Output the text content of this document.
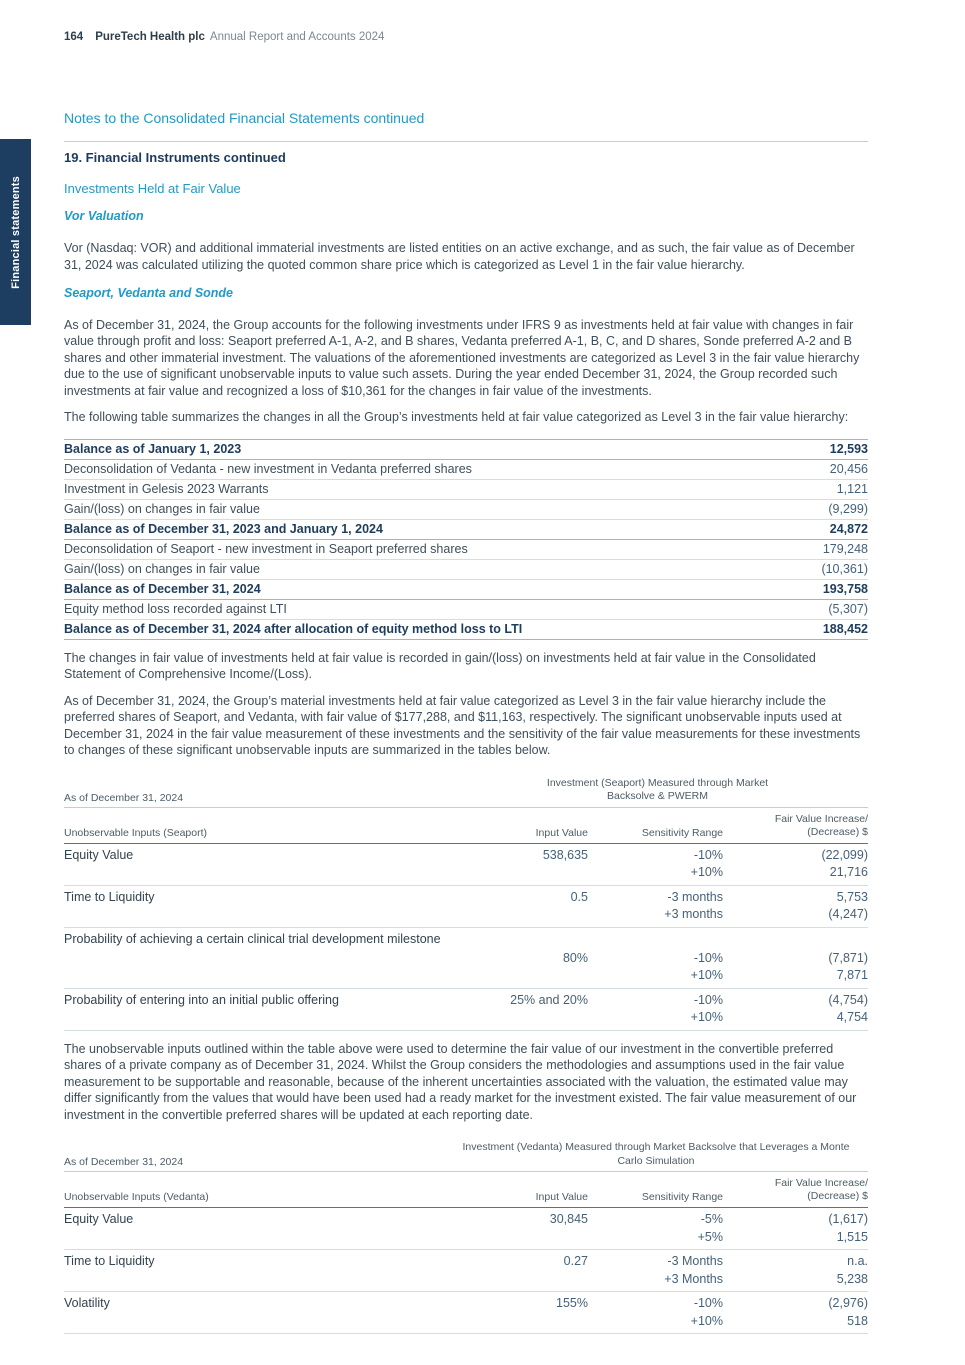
Financial statements
164 PureTech Health plc Annual Report and Accounts 2024
Notes to the Consolidated Financial Statements continued
19. Financial Instruments continued
Investments Held at Fair Value
Vor Valuation

Vor (Nasdaq: VOR) and additional immaterial investments are listed entities on an active exchange, and as such, the fair value as of December 31, 2024 was calculated utilizing the quoted common share price which is categorized as Level 1 in the fair value hierarchy.

Seaport, Vedanta and Sonde

As of December 31, 2024, the Group accounts for the following investments under IFRS 9 as investments held at fair value with changes in fair value through profit and loss: Seaport preferred A-1, A-2, and B shares, Vedanta preferred A-1, B, C, and D shares, Sonde preferred A-2 and B shares and other immaterial investment. The valuations of the aforementioned investments are categorized as Level 3 in the fair value hierarchy due to the use of significant unobservable inputs to value such assets. During the year ended December 31, 2024, the Group recorded such investments at fair value and recognized a loss of $10,361 for the changes in fair value of the investments.

The following table summarizes the changes in all the Group’s investments held at fair value categorized as Level 3 in the fair value hierarchy:

Balance as of January 1, 2023	12,593
Deconsolidation of Vedanta - new investment in Vedanta preferred shares	20,456
Investment in Gelesis 2023 Warrants	1,121
Gain/(loss) on changes in fair value	(9,299)
Balance as of December 31, 2023 and January 1, 2024	24,872
Deconsolidation of Seaport - new investment in Seaport preferred shares	179,248
Gain/(loss) on changes in fair value	(10,361)
Balance as of December 31, 2024	193,758
Equity method loss recorded against LTI	(5,307)
Balance as of December 31, 2024 after allocation of equity method loss to LTI	188,452

The changes in fair value of investments held at fair value is recorded in gain/(loss) on investments held at fair value in the Consolidated Statement of Comprehensive Income/(Loss).

As of December 31, 2024, the Group’s material investments held at fair value categorized as Level 3 in the fair value hierarchy include the preferred shares of Seaport, and Vedanta, with fair value of $177,288, and $11,163, respectively. The significant unobservable inputs used at December 31, 2024 in the fair value measurement of these investments and the sensitivity of the fair value measurements for these investments to changes of these significant unobservable inputs are summarized in the tables below.

As of December 31, 2024
Investment (Seaport) Measured through Market Backsolve & PWERM
Unobservable Inputs (Seaport)	Input Value	Sensitivity Range
Fair Value Increase/ (Decrease) $
Equity Value	538,635	-10%	(22,099)
+10%	21,716
Time to Liquidity	0.5	-3 months	5,753
+3 months	(4,247)
Probability of achieving a certain clinical trial development milestone
80%	-10%	(7,871)
+10%	7,871
Probability of entering into an initial public offering	25% and 20%	-10%	(4,754)
+10%	4,754

The unobservable inputs outlined within the table above were used to determine the fair value of our investment in the convertible preferred shares of a private company as of December 31, 2024. Whilst the Group considers the methodologies and assumptions used in the fair value measurement to be supportable and reasonable, because of the inherent uncertainties associated with the valuation, the estimated value may differ significantly from the values that would have been used had a ready market for the investment existed. The fair value measurement of our investment in the convertible preferred shares will be updated at each reporting date.

As of December 31, 2024
Investment (Vedanta) Measured through Market Backsolve that Leverages a Monte Carlo Simulation
Unobservable Inputs (Vedanta)	Input Value	Sensitivity Range
Fair Value Increase/ (Decrease) $
Equity Value	30,845	-5%	(1,617)
+5%	1,515
Time to Liquidity	0.27	-3 Months	n.a.
+3 Months	5,238
Volatility	155%	-10%	(2,976)
+10%	518
